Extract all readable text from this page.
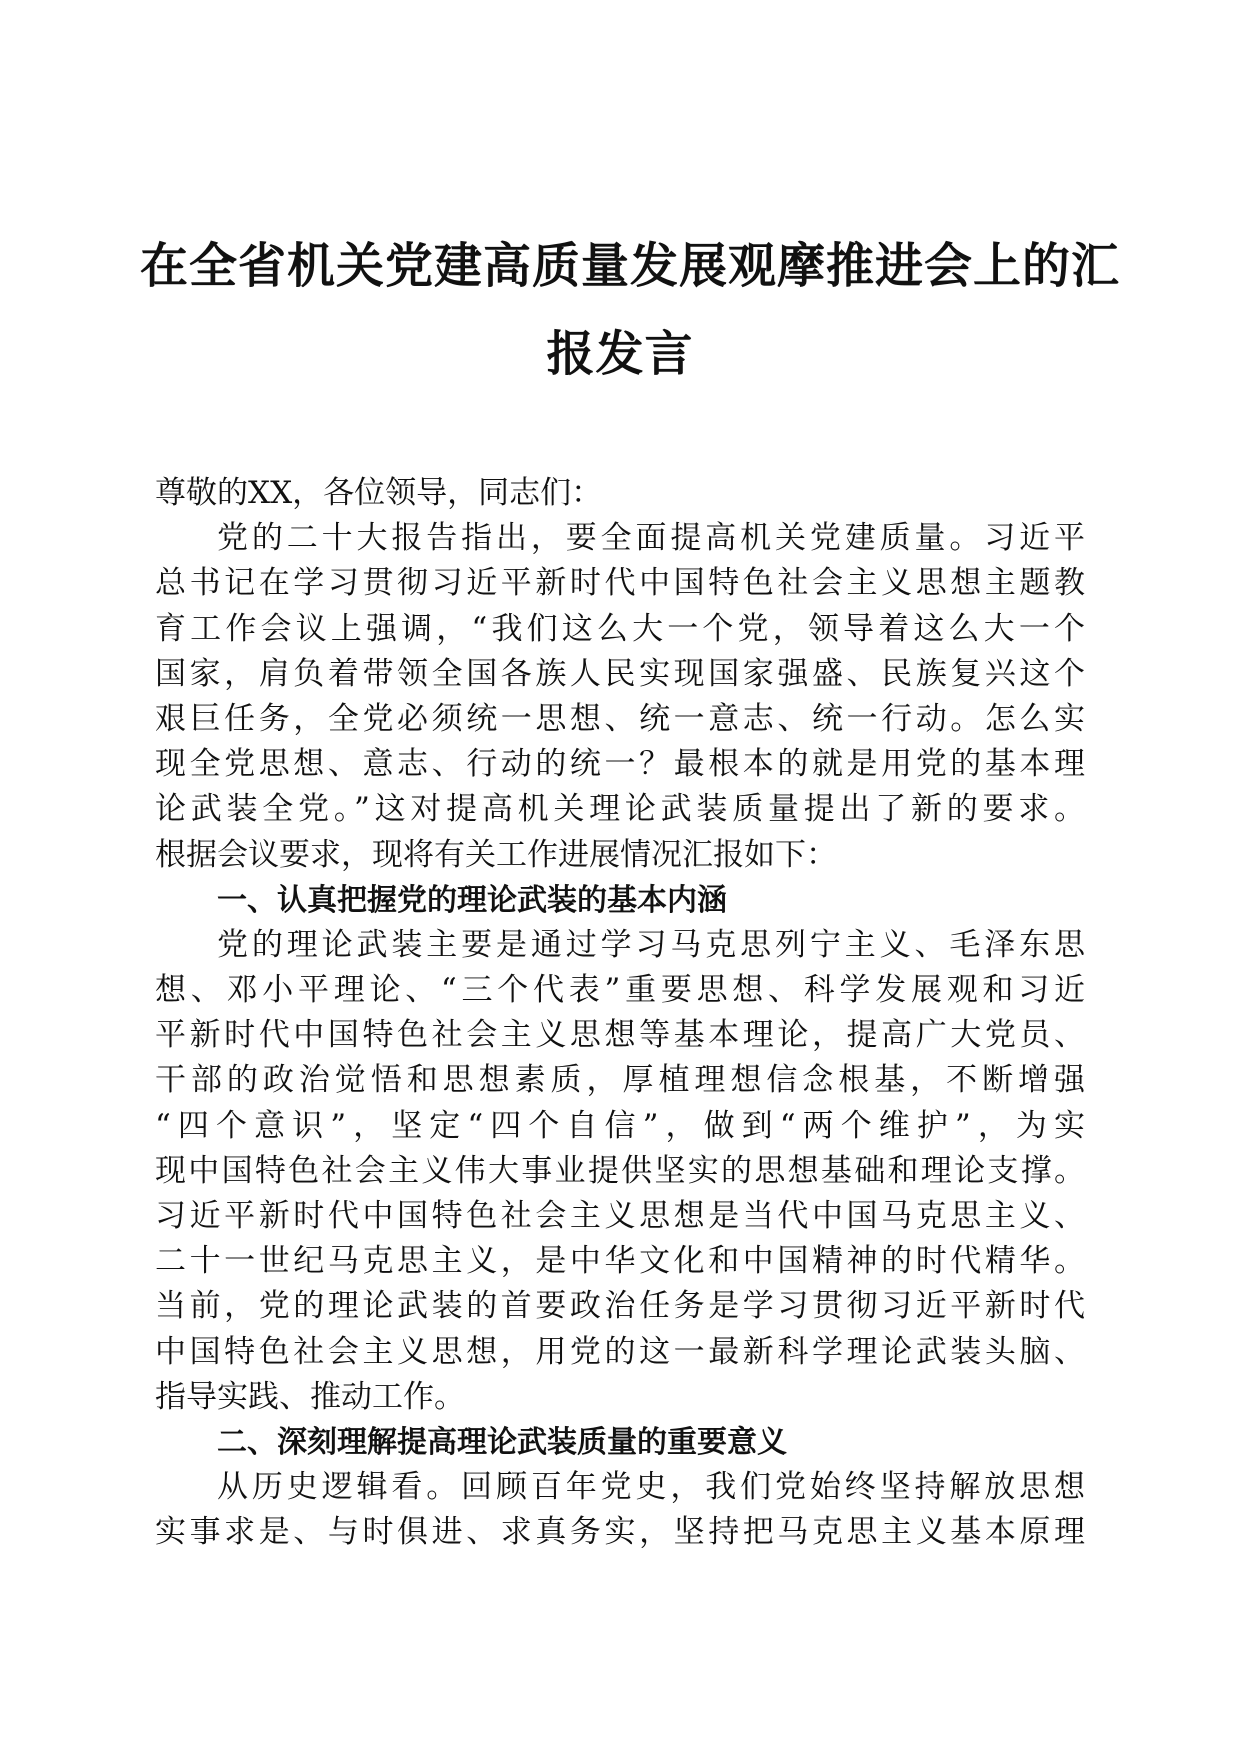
在全省机关党建高质量发展观摩推进会上的汇
报发言
尊敬的XX，各位领导，同志们：
党的二十大报告指出，要全面提高机关党建质量。习近平
总书记在学习贯彻习近平新时代中国特色社会主义思想主题教
育工作会议上强调，“我们这么大一个党，领导着这么大一个
国家，肩负着带领全国各族人民实现国家强盛、民族复兴这个
艰巨任务，全党必须统一思想、统一意志、统一行动。怎么实
现全党思想、意志、行动的统一？最根本的就是用党的基本理
论武装全党。”这对提高机关理论武装质量提出了新的要求。
根据会议要求，现将有关工作进展情况汇报如下：
一、认真把握党的理论武装的基本内涵
党的理论武装主要是通过学习马克思列宁主义、毛泽东思
想、邓小平理论、“三个代表”重要思想、科学发展观和习近
平新时代中国特色社会主义思想等基本理论，提高广大党员、
干部的政治觉悟和思想素质，厚植理想信念根基，不断增强
“四个意识”，坚定“四个自信”，做到“两个维护”，为实
现中国特色社会主义伟大事业提供坚实的思想基础和理论支撑。
习近平新时代中国特色社会主义思想是当代中国马克思主义、
二十一世纪马克思主义，是中华文化和中国精神的时代精华。
当前，党的理论武装的首要政治任务是学习贯彻习近平新时代
中国特色社会主义思想，用党的这一最新科学理论武装头脑、
指导实践、推动工作。
二、深刻理解提高理论武装质量的重要意义
从历史逻辑看。回顾百年党史，我们党始终坚持解放思想
实事求是、与时俱进、求真务实，坚持把马克思主义基本原理
